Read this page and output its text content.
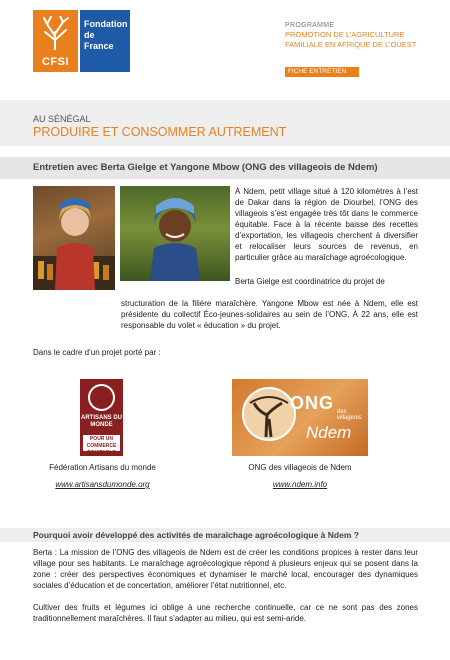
CFSI
Fondation de France
PROGRAMME
PROMOTION DE L’AGRICULTURE FAMILIALE EN AFRIQUE DE L’OUEST
FICHE ENTRETIEN
AU SÉNÉGAL
PRODUIRE ET CONSOMMER AUTREMENT
Entretien avec Berta Gielge et Yangone Mbow (ONG des villageois de Ndem)
À Ndem, petit village situé à 120 kilomètres à l’est de Dakar dans la région de Diourbel, l’ONG des villageois s’est engagée très tôt dans le commerce équitable. Face à la récente baisse des recettes d’exportation, les villageois cherchent à diversifier et relocaliser leurs sources de revenus, en particulier grâce au maraîchage agroécologique.
Berta Gielge est coordinatrice du projet de
structuration de la filière maraîchère. Yangone Mbow est née à Ndem, elle est présidente du collectif Éco-jeunes-solidaires au sein de l’ONG. À 22 ans, elle est responsable du volet « éducation » du projet.
Dans le cadre d’un projet porté par :
ARTISANS DU MONDE
POUR UN COMMERCE ÉQUITABLE
ONG des villageois
Ndem
Fédération Artisans du monde	ONG des villageois de Ndem
www.artisansdumonde.org	www.ndem.info
Pourquoi avoir développé des activités de maraîchage agroécologique à Ndem ?
Berta : La mission de l’ONG des villageois de Ndem est de créer les conditions propices à rester dans leur village pour ses habitants. Le maraîchage agroécologique répond à plusieurs enjeux qui se posent dans la zone : créer des perspectives économiques et dynamiser le marché local, encourager des dynamiques sociales d’éducation et de concertation, améliorer l’état nutritionnel, etc.
Cultiver des fruits et légumes ici oblige à une recherche continuelle, car ce ne sont pas des zones traditionnellement maraîchères. Il faut s’adapter au milieu, qui est semi-aride.
